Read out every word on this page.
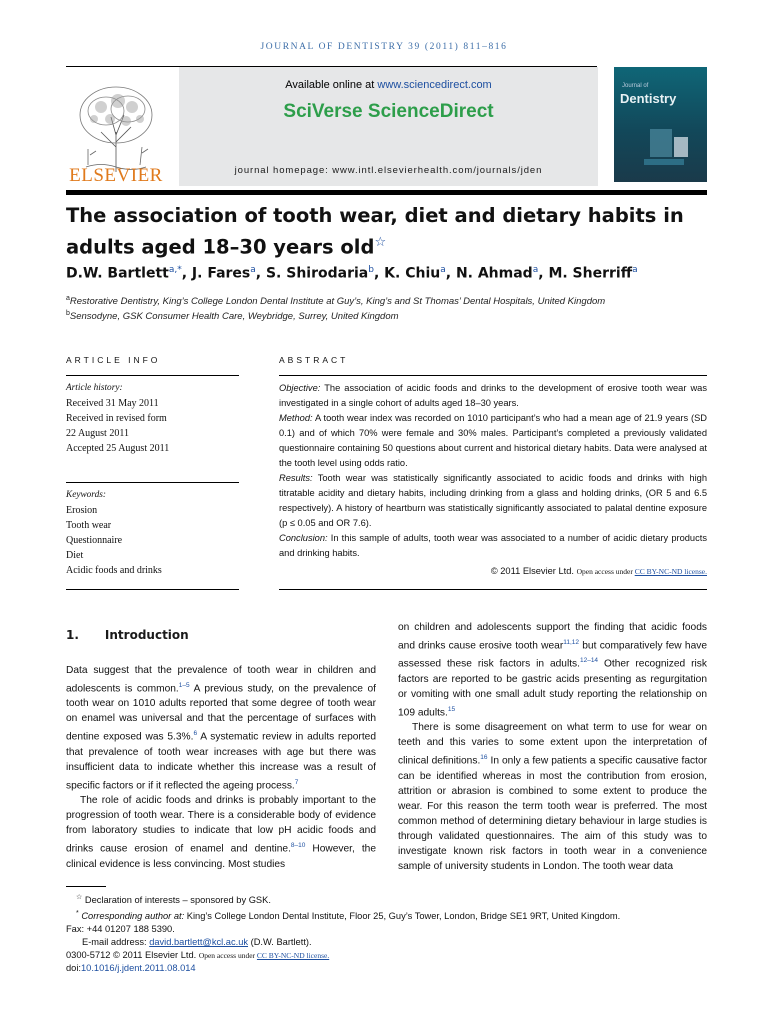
JOURNAL OF DENTISTRY 39 (2011) 811–816
ELSEVIER
Available online at www.sciencedirect.com
SciVerse ScienceDirect
journal homepage: www.intl.elsevierhealth.com/journals/jden
Journal of
Dentistry
The association of tooth wear, diet and dietary habits in adults aged 18–30 years old☆
D.W. Bartlett$^{a,*}$, J. Fares$^a$, S. Shirodaria$^b$, K. Chiu$^a$, N. Ahmad$^a$, M. Sherriff$^a$
$^a$Restorative Dentistry, King’s College London Dental Institute at Guy’s, King’s and St Thomas’ Dental Hospitals, United Kingdom
$^b$Sensodyne, GSK Consumer Health Care, Weybridge, Surrey, United Kingdom
ARTICLE INFO
Article history:
Received 31 May 2011
Received in revised form
22 August 2011
Accepted 25 August 2011
Keywords:
Erosion
Tooth wear
Questionnaire
Diet
Acidic foods and drinks
ABSTRACT
Objective: The association of acidic foods and drinks to the development of erosive tooth wear was investigated in a single cohort of adults aged 18–30 years.
Method: A tooth wear index was recorded on 1010 participant’s who had a mean age of 21.9 years (SD 0.1) and of which 70% were female and 30% males. Participant’s completed a previously validated questionnaire containing 50 questions about current and historical dietary habits. Data were analysed at the tooth level using odds ratio.
Results: Tooth wear was statistically significantly associated to acidic foods and drinks with high titratable acidity and dietary habits, including drinking from a glass and holding drinks, (OR 5 and 6.5 respectively). A history of heartburn was statistically significantly associated to palatal dentine exposure (p ≤ 0.05 and OR 7.6).
Conclusion: In this sample of adults, tooth wear was associated to a number of acidic dietary products and drinking habits.
© 2011 Elsevier Ltd. Open access under CC BY-NC-ND license.
1. Introduction

Data suggest that the prevalence of tooth wear in children and adolescents is common.$^{1-5}$ A previous study, on the prevalence of tooth wear on 1010 adults reported that some degree of tooth wear on enamel was universal and that the percentage of surfaces with dentine exposed was 5.3%.$^6$ A systematic review in adults reported that prevalence of tooth wear increases with age but there was insufficient data to indicate whether this increase was a result of specific factors or if it reflected the ageing process.$^7$

The role of acidic foods and drinks is probably important to the progression of tooth wear. There is a considerable body of evidence from laboratory studies to indicate that low pH acidic foods and drinks cause erosion of enamel and dentine.$^{8-10}$ However, the clinical evidence is less convincing. Most studies

on children and adolescents support the finding that acidic foods and drinks cause erosive tooth wear$^{11,12}$ but comparatively few have assessed these risk factors in adults.$^{12-14}$ Other recognized risk factors are reported to be gastric acids presenting as regurgitation or vomiting with one small adult study reporting the relationship on 109 adults.$^{15}$

There is some disagreement on what term to use for wear on teeth and this varies to some extent upon the interpretation of clinical definitions.$^{16}$ In only a few patients a specific causative factor can be identified whereas in most the contribution from erosion, attrition or abrasion is combined to some extent to produce the wear. For this reason the term tooth wear is preferred. The most common method of determining dietary behaviour in large studies is through validated questionnaires. The aim of this study was to investigate known risk factors in tooth wear in a convenience sample of university students in London. The tooth wear data

☆ Declaration of interests – sponsored by GSK.
* Corresponding author at: King’s College London Dental Institute, Floor 25, Guy’s Tower, London, Bridge SE1 9RT, United Kingdom.
Fax: +44 01207 188 5390.
E-mail address: david.bartlett@kcl.ac.uk (D.W. Bartlett).
0300-5712 © 2011 Elsevier Ltd. Open access under CC BY-NC-ND license.
doi:10.1016/j.jdent.2011.08.014
